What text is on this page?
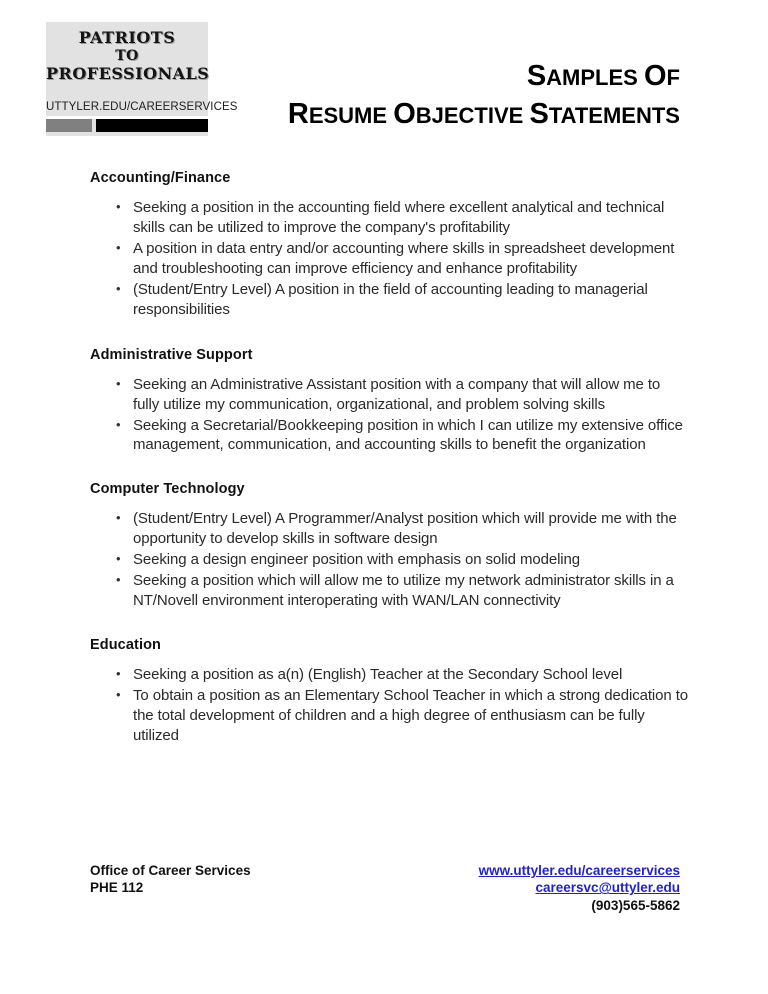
PATRIOTS
TO
PROFESSIONALS
UTTYLER.EDU/CAREERSERVICES
SAMPLES OF
RESUME OBJECTIVE STATEMENTS
Accounting/Finance
• Seeking a position in the accounting field where excellent analytical and technical skills can be utilized to improve the company's profitability
• A position in data entry and/or accounting where skills in spreadsheet development and troubleshooting can improve efficiency and enhance profitability
• (Student/Entry Level) A position in the field of accounting leading to managerial responsibilities
Administrative Support
• Seeking an Administrative Assistant position with a company that will allow me to fully utilize my communication, organizational, and problem solving skills
• Seeking a Secretarial/Bookkeeping position in which I can utilize my extensive office management, communication, and accounting skills to benefit the organization
Computer Technology
• (Student/Entry Level) A Programmer/Analyst position which will provide me with the opportunity to develop skills in software design
• Seeking a design engineer position with emphasis on solid modeling
• Seeking a position which will allow me to utilize my network administrator skills in a NT/Novell environment interoperating with WAN/LAN connectivity
Education
• Seeking a position as a(n) (English) Teacher at the Secondary School level
• To obtain a position as an Elementary School Teacher in which a strong dedication to the total development of children and a high degree of enthusiasm can be fully utilized
Office of Career Services
PHE 112
www.uttyler.edu/careerservices
careersvc@uttyler.edu
(903)565-5862
